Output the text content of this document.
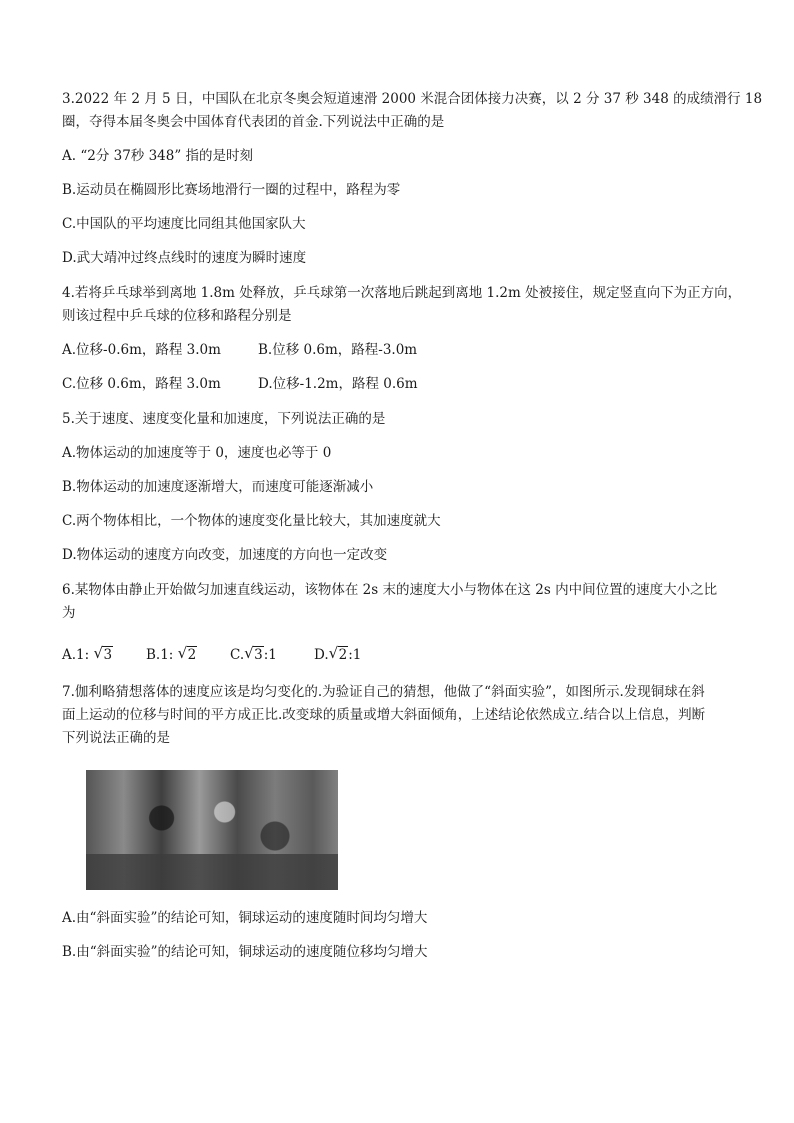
3.2022 年 2 月 5 日，中国队在北京冬奥会短道速滑 2000 米混合团体接力决赛，以 2 分 37 秒 348 的成绩滑行 18

圈，夺得本届冬奥会中国体育代表团的首金.下列说法中正确的是

A. “2分 37秒 348” 指的是时刻

B.运动员在椭圆形比赛场地滑行一圈的过程中，路程为零

C.中国队的平均速度比同组其他国家队大

D.武大靖冲过终点线时的速度为瞬时速度

4.若将乒乓球举到离地 1.8m 处释放，乒乓球第一次落地后跳起到离地 1.2m 处被接住，规定竖直向下为正方向，

则该过程中乒乓球的位移和路程分别是

A.位移-0.6m，路程 3.0m	B.位移 0.6m，路程-3.0m
C.位移 0.6m，路程 3.0m	D.位移-1.2m，路程 0.6m

5.关于速度、速度变化量和加速度，下列说法正确的是

A.物体运动的加速度等于 0，速度也必等于 0

B.物体运动的加速度逐渐增大，而速度可能逐渐减小

C.两个物体相比，一个物体的速度变化量比较大，其加速度就大

D.物体运动的速度方向改变，加速度的方向也一定改变

6.某物体由静止开始做匀加速直线运动，该物体在 2s 末的速度大小与物体在这 2s 内中间位置的速度大小之比

为

A.1: √ 3	B.1: √ 2	C. √ 3:1	D. √ 2:1

7.伽利略猜想落体的速度应该是均匀变化的.为验证自己的猜想，他做了“斜面实验”，如图所示.发现铜球在斜

面上运动的位移与时间的平方成正比.改变球的质量或增大斜面倾角，上述结论依然成立.结合以上信息，判断

下列说法正确的是

A.由“斜面实验”的结论可知，铜球运动的速度随时间均匀增大

B.由“斜面实验”的结论可知，铜球运动的速度随位移均匀增大
